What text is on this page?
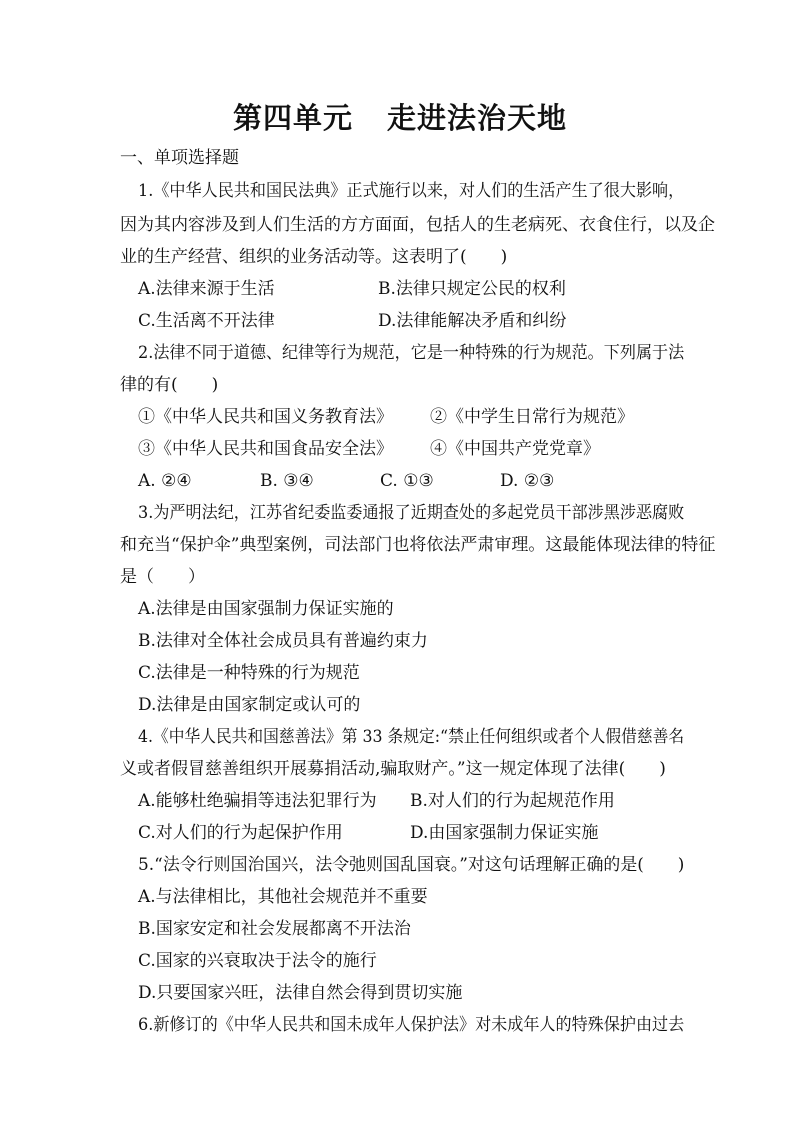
第四单元 走进法治天地
一、单项选择题
1.《中华人民共和国民法典》正式施行以来，对人们的生活产生了很大影响，
因为其内容涉及到人们生活的方方面面，包括人的生老病死、衣食住行，以及企
业的生产经营、组织的业务活动等。这表明了(　　)
A.法律来源于生活	B.法律只规定公民的权利
C.生活离不开法律	D.法律能解决矛盾和纠纷
2.法律不同于道德、纪律等行为规范，它是一种特殊的行为规范。下列属于法
律的有(　　)
①《中华人民共和国义务教育法》 ②《中学生日常行为规范》
③《中华人民共和国食品安全法》 ④《中国共产党党章》
A. ②④	B. ③④	C. ①③	D. ②③
3.为严明法纪，江苏省纪委监委通报了近期查处的多起党员干部涉黑涉恶腐败
和充当“保护伞”典型案例，司法部门也将依法严肃审理。这最能体现法律的特征
是（　　）
A.法律是由国家强制力保证实施的
B.法律对全体社会成员具有普遍约束力
C.法律是一种特殊的行为规范
D.法律是由国家制定或认可的
4.《中华人民共和国慈善法》第 33 条规定:“禁止任何组织或者个人假借慈善名
义或者假冒慈善组织开展募捐活动,骗取财产。”这一规定体现了法律(　　)
A.能够杜绝骗捐等违法犯罪行为 B.对人们的行为起规范作用
C.对人们的行为起保护作用	D.由国家强制力保证实施
5.“法令行则国治国兴，法令弛则国乱国衰。”对这句话理解正确的是(　　)
A.与法律相比，其他社会规范并不重要
B.国家安定和社会发展都离不开法治
C.国家的兴衰取决于法令的施行
D.只要国家兴旺，法律自然会得到贯切实施
6.新修订的《中华人民共和国未成年人保护法》对未成年人的特殊保护由过去
